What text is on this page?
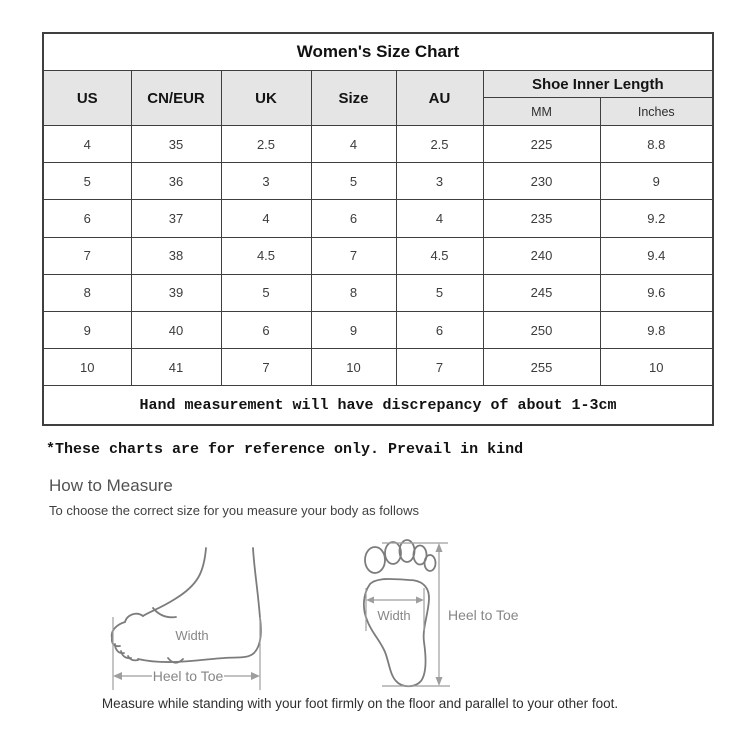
Women's Size Chart						
US	CN/EUR	UK	Size	AU	Shoe Inner Length	
					MM	Inches
4	35	2.5	4	2.5	225	8.8
5	36	3	5	3	230	9
6	37	4	6	4	235	9.2
7	38	4.5	7	4.5	240	9.4
8	39	5	8	5	245	9.6
9	40	6	9	6	250	9.8
10	41	7	10	7	255	10
Hand measurement will have discrepancy of about 1-3cm						
*These charts are for reference only. Prevail in kind
How to Measure
To choose the correct size for you measure your body as follows
Width
Heel to Toe
Width	Heel to Toe
Measure while standing with your foot firmly on the floor and parallel to your other foot.
